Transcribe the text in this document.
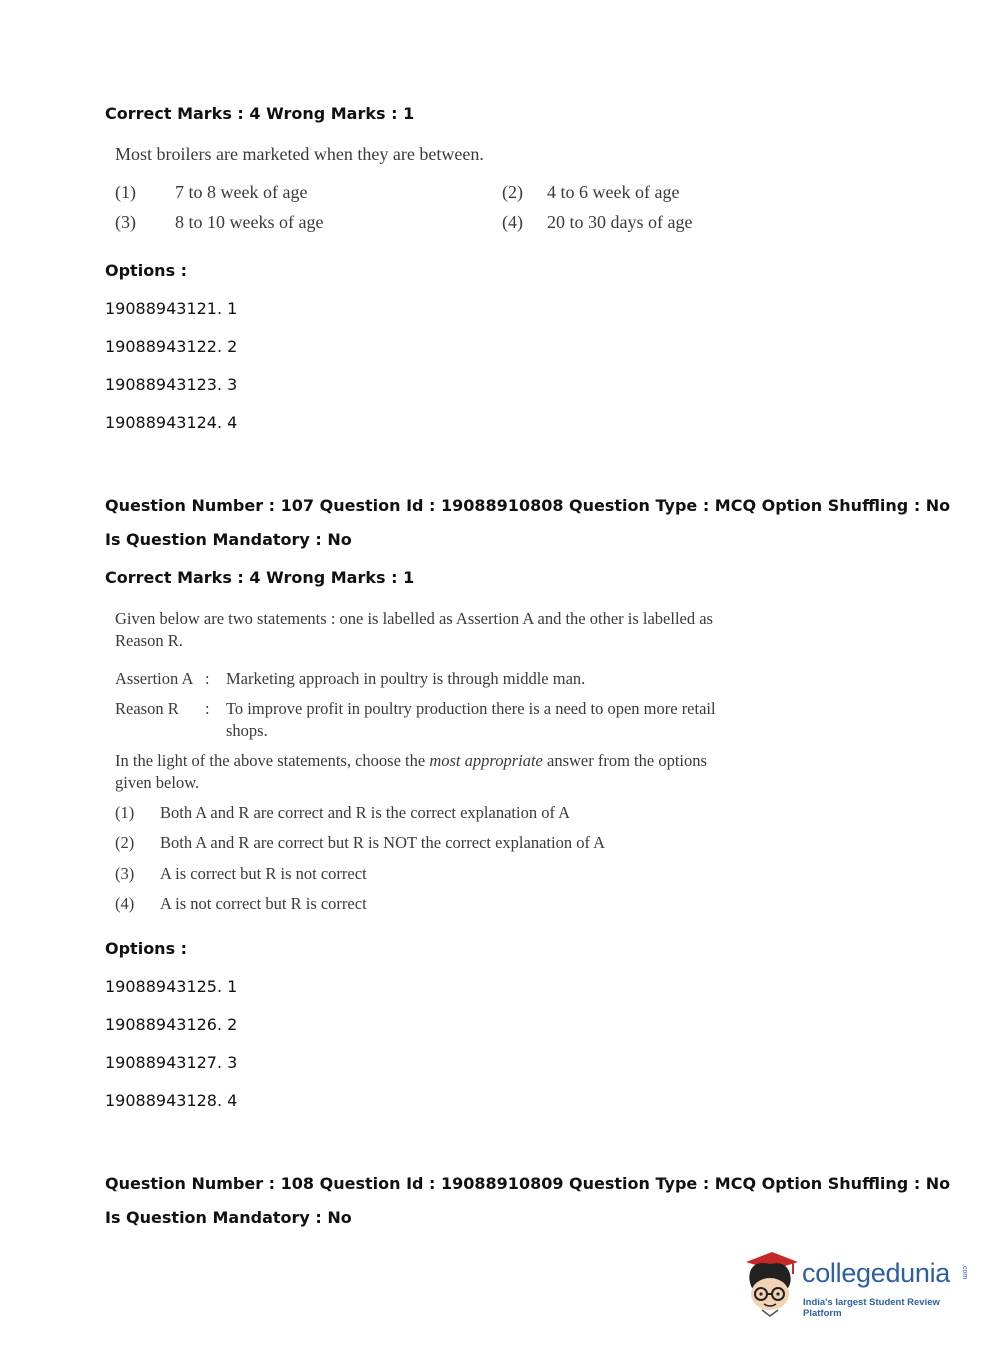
Correct Marks : 4 Wrong Marks : 1
Most broilers are marketed when they are between.
(1) 7 to 8 week of age	(2) 4 to 6 week of age
(3) 8 to 10 weeks of age	(4) 20 to 30 days of age
Options :
19088943121. 1
19088943122. 2
19088943123. 3
19088943124. 4
Question Number : 107 Question Id : 19088910808 Question Type : MCQ Option Shuffling : No
Is Question Mandatory : No
Correct Marks : 4 Wrong Marks : 1
Given below are two statements : one is labelled as Assertion A and the other is labelled as
Reason R.
Assertion A : Marketing approach in poultry is through middle man.
Reason R : To improve profit in poultry production there is a need to open more retail
shops.
In the light of the above statements, choose the most appropriate answer from the options
given below.
(1) Both A and R are correct and R is the correct explanation of A
(2) Both A and R are correct but R is NOT the correct explanation of A
(3) A is correct but R is not correct
(4) A is not correct but R is correct
Options :
19088943125. 1
19088943126. 2
19088943127. 3
19088943128. 4
Question Number : 108 Question Id : 19088910809 Question Type : MCQ Option Shuffling : No
Is Question Mandatory : No
collegedunia .com
India's largest Student Review Platform
